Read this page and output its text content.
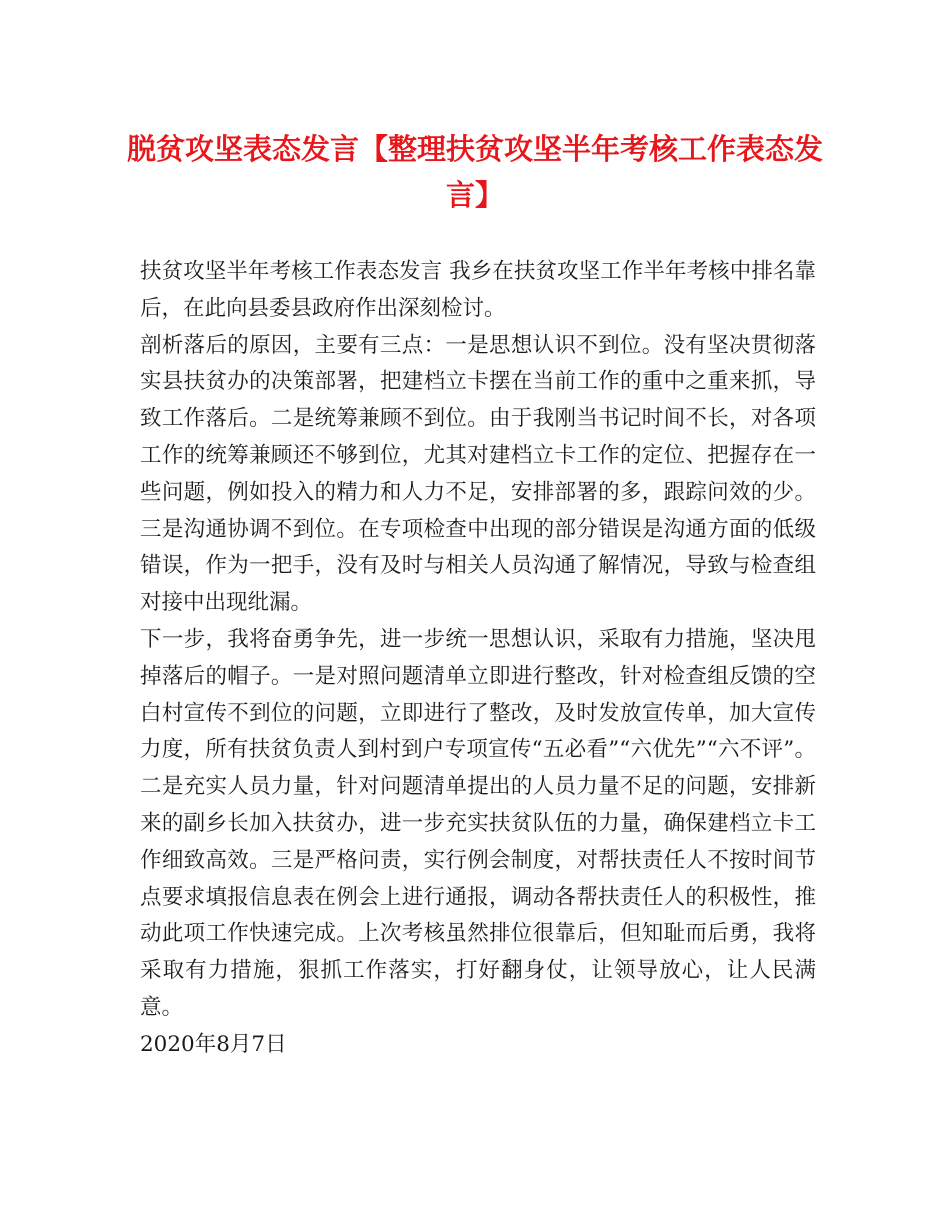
脱贫攻坚表态发言【整理扶贫攻坚半年考核工作表态发言】

扶贫攻坚半年考核工作表态发言 我乡在扶贫攻坚工作半年考核中排名靠后，在此向县委县政府作出深刻检讨。

剖析落后的原因，主要有三点：一是思想认识不到位。没有坚决贯彻落实县扶贫办的决策部署，把建档立卡摆在当前工作的重中之重来抓，导致工作落后。二是统筹兼顾不到位。由于我刚当书记时间不长，对各项工作的统筹兼顾还不够到位，尤其对建档立卡工作的定位、把握存在一些问题，例如投入的精力和人力不足，安排部署的多，跟踪问效的少。三是沟通协调不到位。在专项检查中出现的部分错误是沟通方面的低级错误，作为一把手，没有及时与相关人员沟通了解情况，导致与检查组对接中出现纰漏。

下一步，我将奋勇争先，进一步统一思想认识，采取有力措施，坚决甩掉落后的帽子。一是对照问题清单立即进行整改，针对检查组反馈的空白村宣传不到位的问题，立即进行了整改，及时发放宣传单，加大宣传力度，所有扶贫负责人到村到户专项宣传“五必看”“六优先”“六不评”。二是充实人员力量，针对问题清单提出的人员力量不足的问题，安排新来的副乡长加入扶贫办，进一步充实扶贫队伍的力量，确保建档立卡工作细致高效。三是严格问责，实行例会制度，对帮扶责任人不按时间节点要求填报信息表在例会上进行通报，调动各帮扶责任人的积极性，推动此项工作快速完成。上次考核虽然排位很靠后，但知耻而后勇，我将采取有力措施，狠抓工作落实，打好翻身仗，让领导放心，让人民满意。

2020年8月7日
